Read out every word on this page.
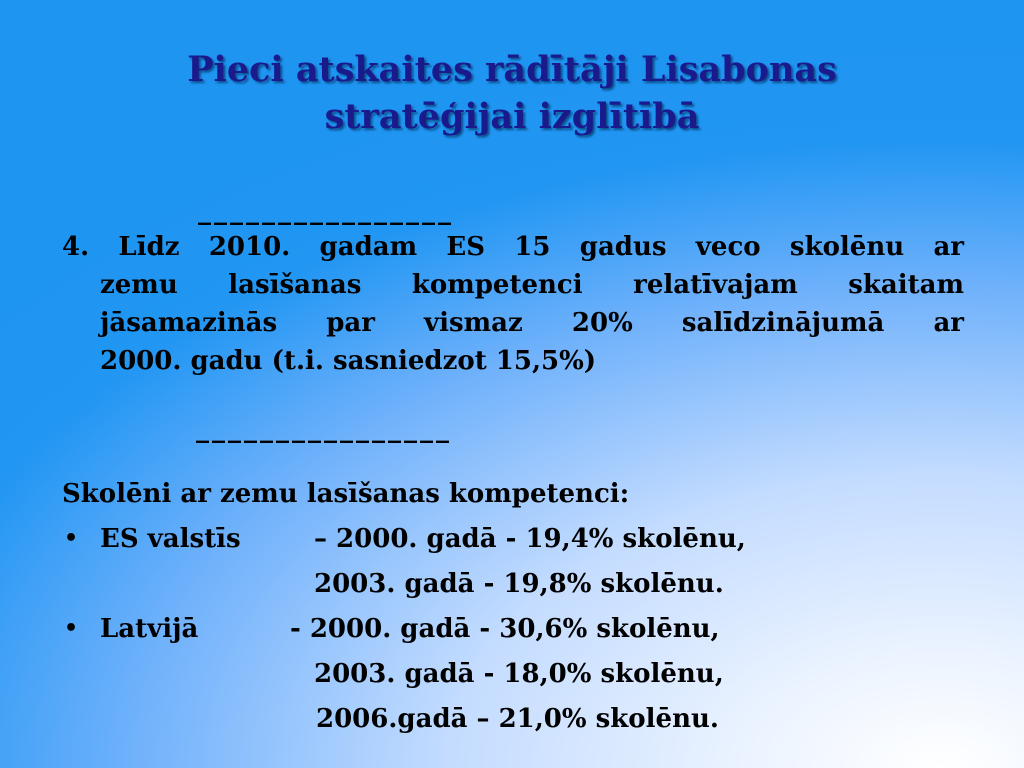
Pieci atskaites rādītāji Lisabonas
stratēģijai izglītībā
________________
4. Līdz 2010. gadam ES 15 gadus veco skolēnu ar
zemu lasīšanas kompetenci relatīvajam skaitam
jāsamazinās par vismaz 20% salīdzinājumā ar
2000. gadu (t.i. sasniedzot 15,5%)
________________
Skolēni ar zemu lasīšanas kompetenci:
• ES valstīs	– 2000. gadā - 19,4% skolēnu,
2003. gadā - 19,8% skolēnu.
• Latvijā	- 2000. gadā - 30,6% skolēnu,
2003. gadā - 18,0% skolēnu,
2006.gadā – 21,0% skolēnu.
